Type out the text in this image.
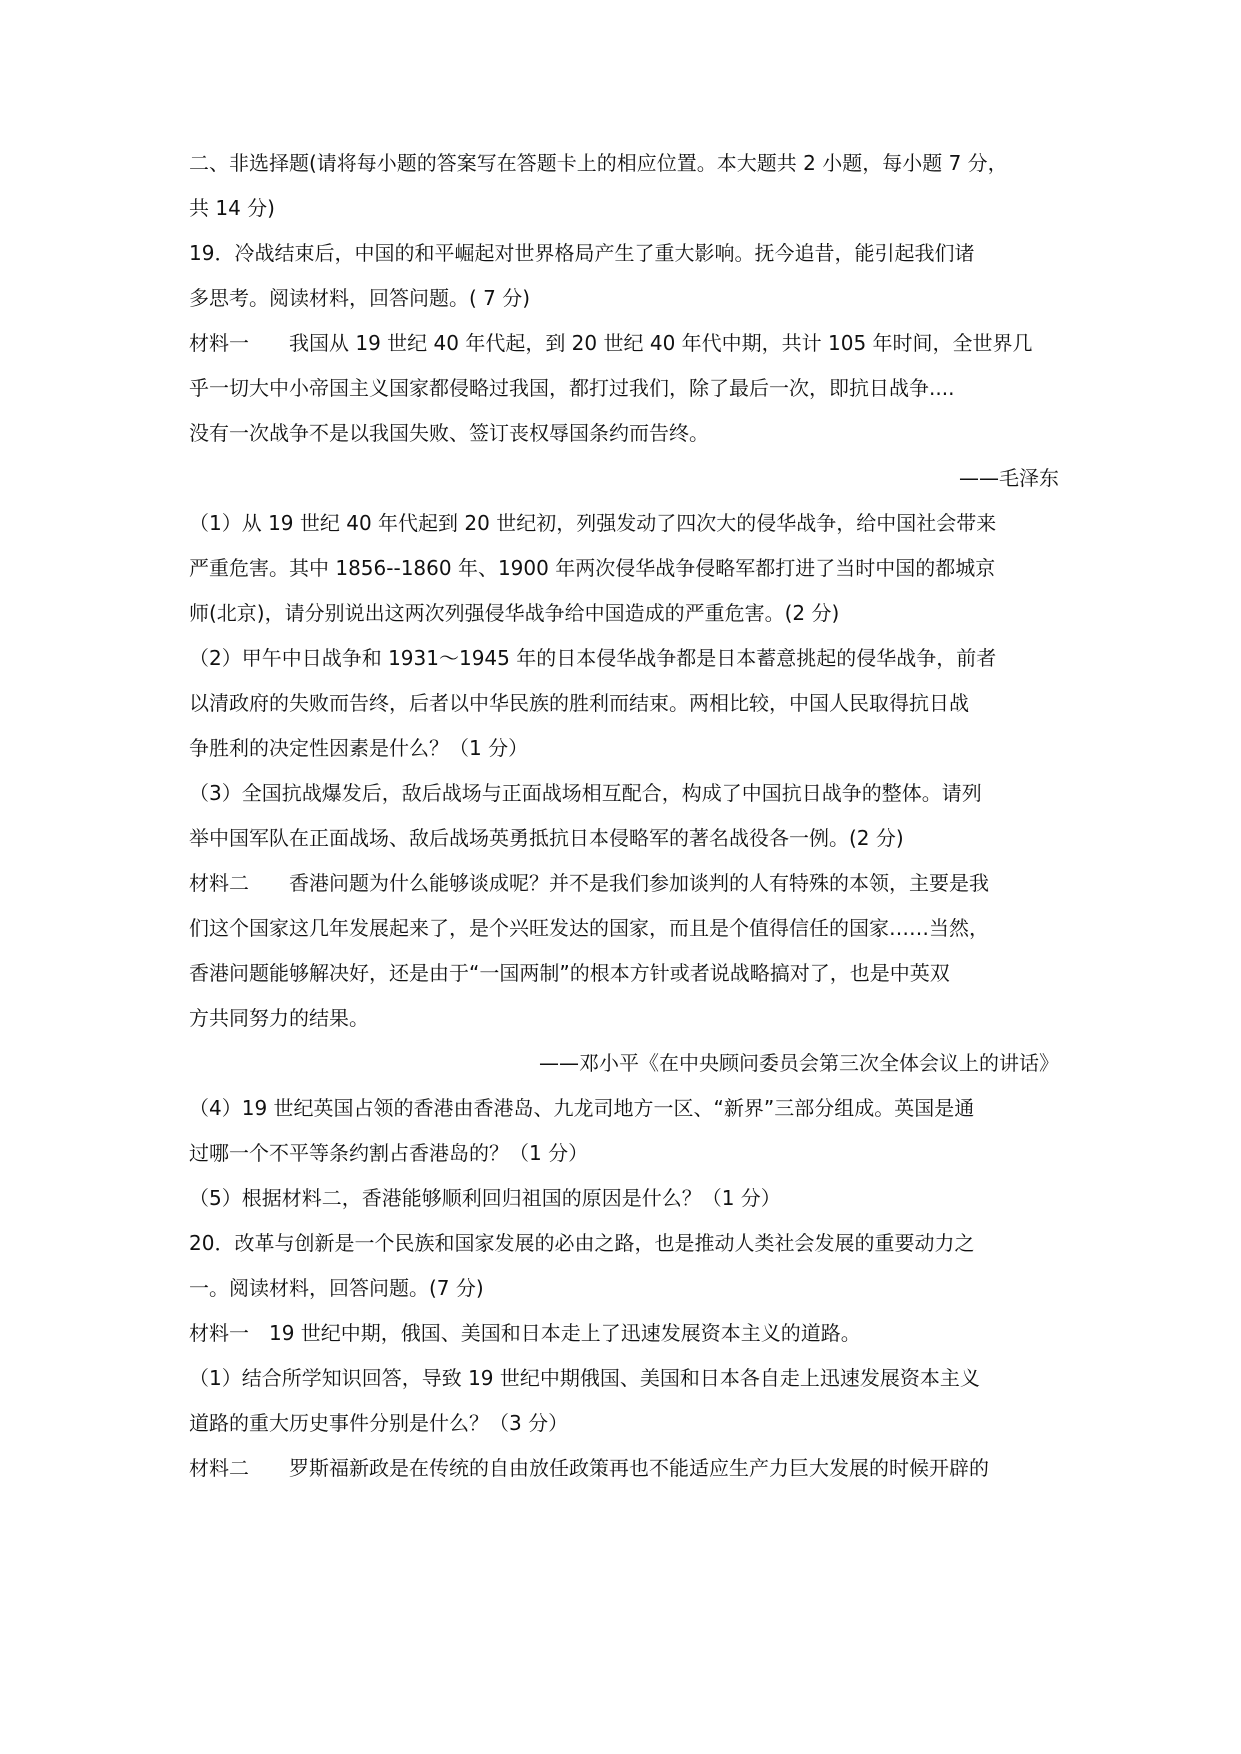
二、非选择题(请将每小题的答案写在答题卡上的相应位置。本大题共 2 小题，每小题 7 分，
共 14 分)
19．冷战结束后，中国的和平崛起对世界格局产生了重大影响。抚今追昔，能引起我们诸
多思考。阅读材料，回答问题。( 7 分)
材料一　　我国从 19 世纪 40 年代起，到 20 世纪 40 年代中期，共计 105 年时间，全世界几
乎一切大中小帝国主义国家都侵略过我国，都打过我们，除了最后一次，即抗日战争....
没有一次战争不是以我国失败、签订丧权辱国条约而告终。
——毛泽东
（1）从 19 世纪 40 年代起到 20 世纪初，列强发动了四次大的侵华战争，给中国社会带来
严重危害。其中 1856--1860 年、1900 年两次侵华战争侵略军都打进了当时中国的都城京
师(北京)，请分别说出这两次列强侵华战争给中国造成的严重危害。(2 分)
（2）甲午中日战争和 1931～1945 年的日本侵华战争都是日本蓄意挑起的侵华战争，前者
以清政府的失败而告终，后者以中华民族的胜利而结束。两相比较，中国人民取得抗日战
争胜利的决定性因素是什么？（1 分）
（3）全国抗战爆发后，敌后战场与正面战场相互配合，构成了中国抗日战争的整体。请列
举中国军队在正面战场、敌后战场英勇抵抗日本侵略军的著名战役各一例。(2 分)
材料二　　香港问题为什么能够谈成呢？并不是我们参加谈判的人有特殊的本领，主要是我
们这个国家这几年发展起来了，是个兴旺发达的国家，而且是个值得信任的国家……当然，
香港问题能够解决好，还是由于“一国两制”的根本方针或者说战略搞对了，也是中英双
方共同努力的结果。
——邓小平《在中央顾问委员会第三次全体会议上的讲话》
（4）19 世纪英国占领的香港由香港岛、九龙司地方一区、“新界”三部分组成。英国是通
过哪一个不平等条约割占香港岛的？（1 分）
（5）根据材料二，香港能够顺利回归祖国的原因是什么？（1 分）
20．改革与创新是一个民族和国家发展的必由之路，也是推动人类社会发展的重要动力之
一。阅读材料，回答问题。(7 分)
材料一　19 世纪中期，俄国、美国和日本走上了迅速发展资本主义的道路。
（1）结合所学知识回答，导致 19 世纪中期俄国、美国和日本各自走上迅速发展资本主义
道路的重大历史事件分别是什么？（3 分）
材料二　　罗斯福新政是在传统的自由放任政策再也不能适应生产力巨大发展的时候开辟的
